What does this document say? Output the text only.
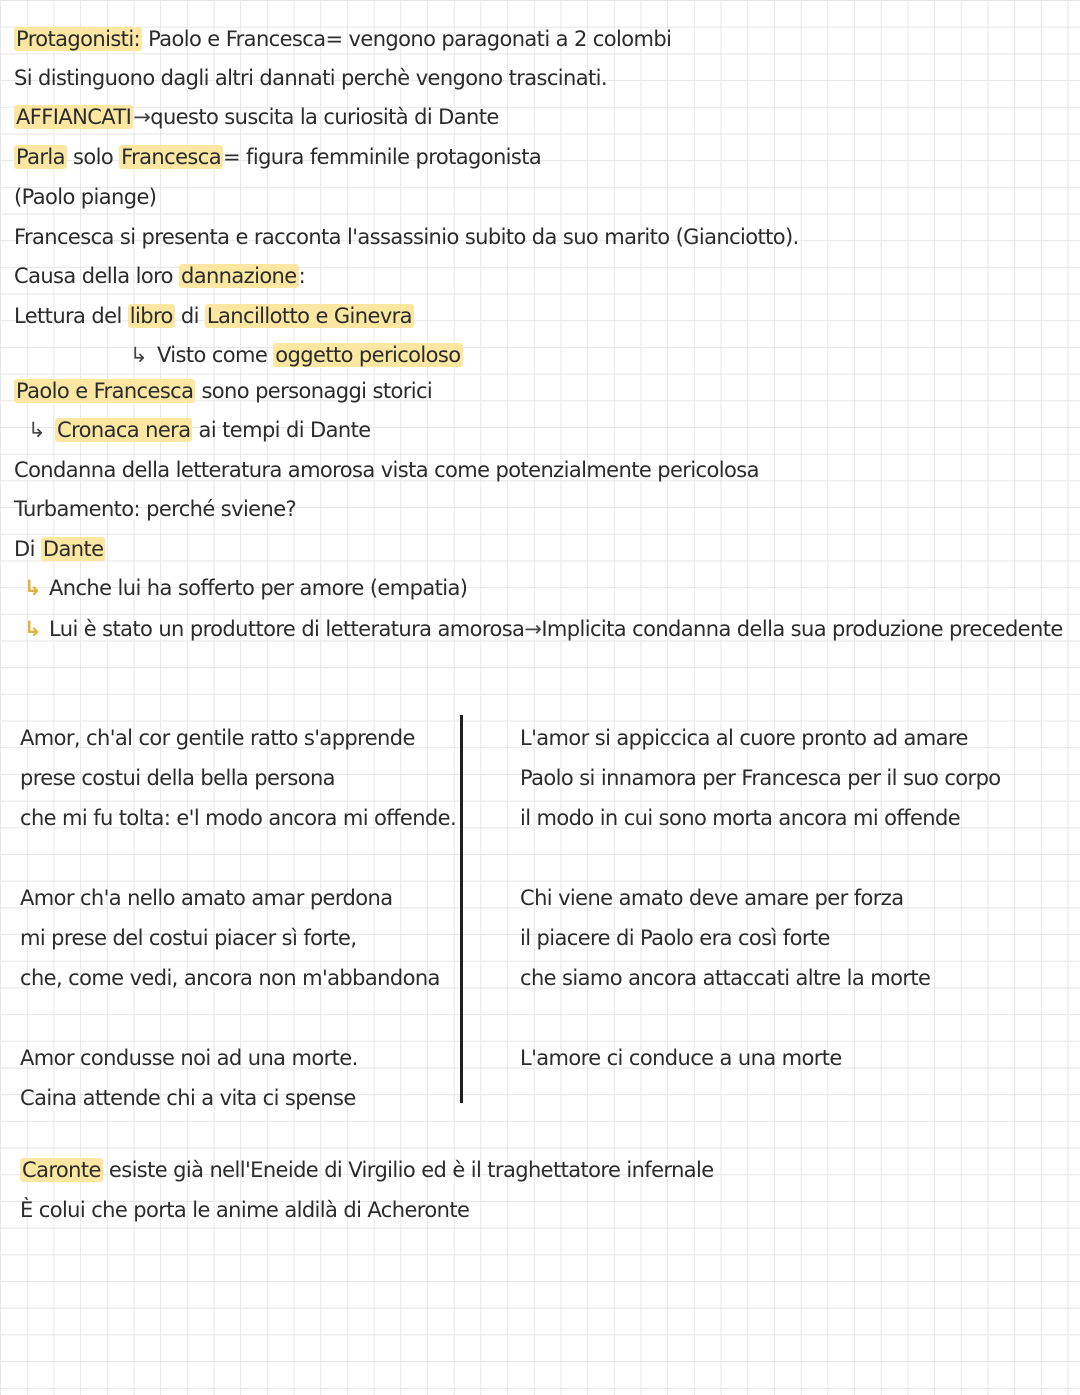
Protagonisti: Paolo e Francesca= vengono paragonati a 2 colombi
Si distinguono dagli altri dannati perchè vengono trascinati.
AFFIANCATI→questo suscita la curiosità di Dante
Parla solo Francesca= figura femminile protagonista
(Paolo piange)
Francesca si presenta e racconta l'assassinio subito da suo marito (Gianciotto).
Causa della loro dannazione:
Lettura del libro di Lancillotto e Ginevra
↳ Visto come oggetto pericoloso
Paolo e Francesca sono personaggi storici
↳ Cronaca nera ai tempi di Dante
Condanna della letteratura amorosa vista come potenzialmente pericolosa
Turbamento: perché sviene?
Di Dante
↳ Anche lui ha sofferto per amore (empatia)
↳ Lui è stato un produttore di letteratura amorosa→Implicita condanna della sua produzione precedente
Amor, ch'al cor gentile ratto s'apprende
prese costui della bella persona
che mi fu tolta: e'l modo ancora mi offende.
Amor ch'a nello amato amar perdona
mi prese del costui piacer sì forte,
che, come vedi, ancora non m'abbandona
Amor condusse noi ad una morte.
Caina attende chi a vita ci spense
L'amor si appiccica al cuore pronto ad amare
Paolo si innamora per Francesca per il suo corpo
il modo in cui sono morta ancora mi offende
Chi viene amato deve amare per forza
il piacere di Paolo era così forte
che siamo ancora attaccati altre la morte
L'amore ci conduce a una morte
Caronte esiste già nell'Eneide di Virgilio ed è il traghettatore infernale
È colui che porta le anime aldilà di Acheronte
